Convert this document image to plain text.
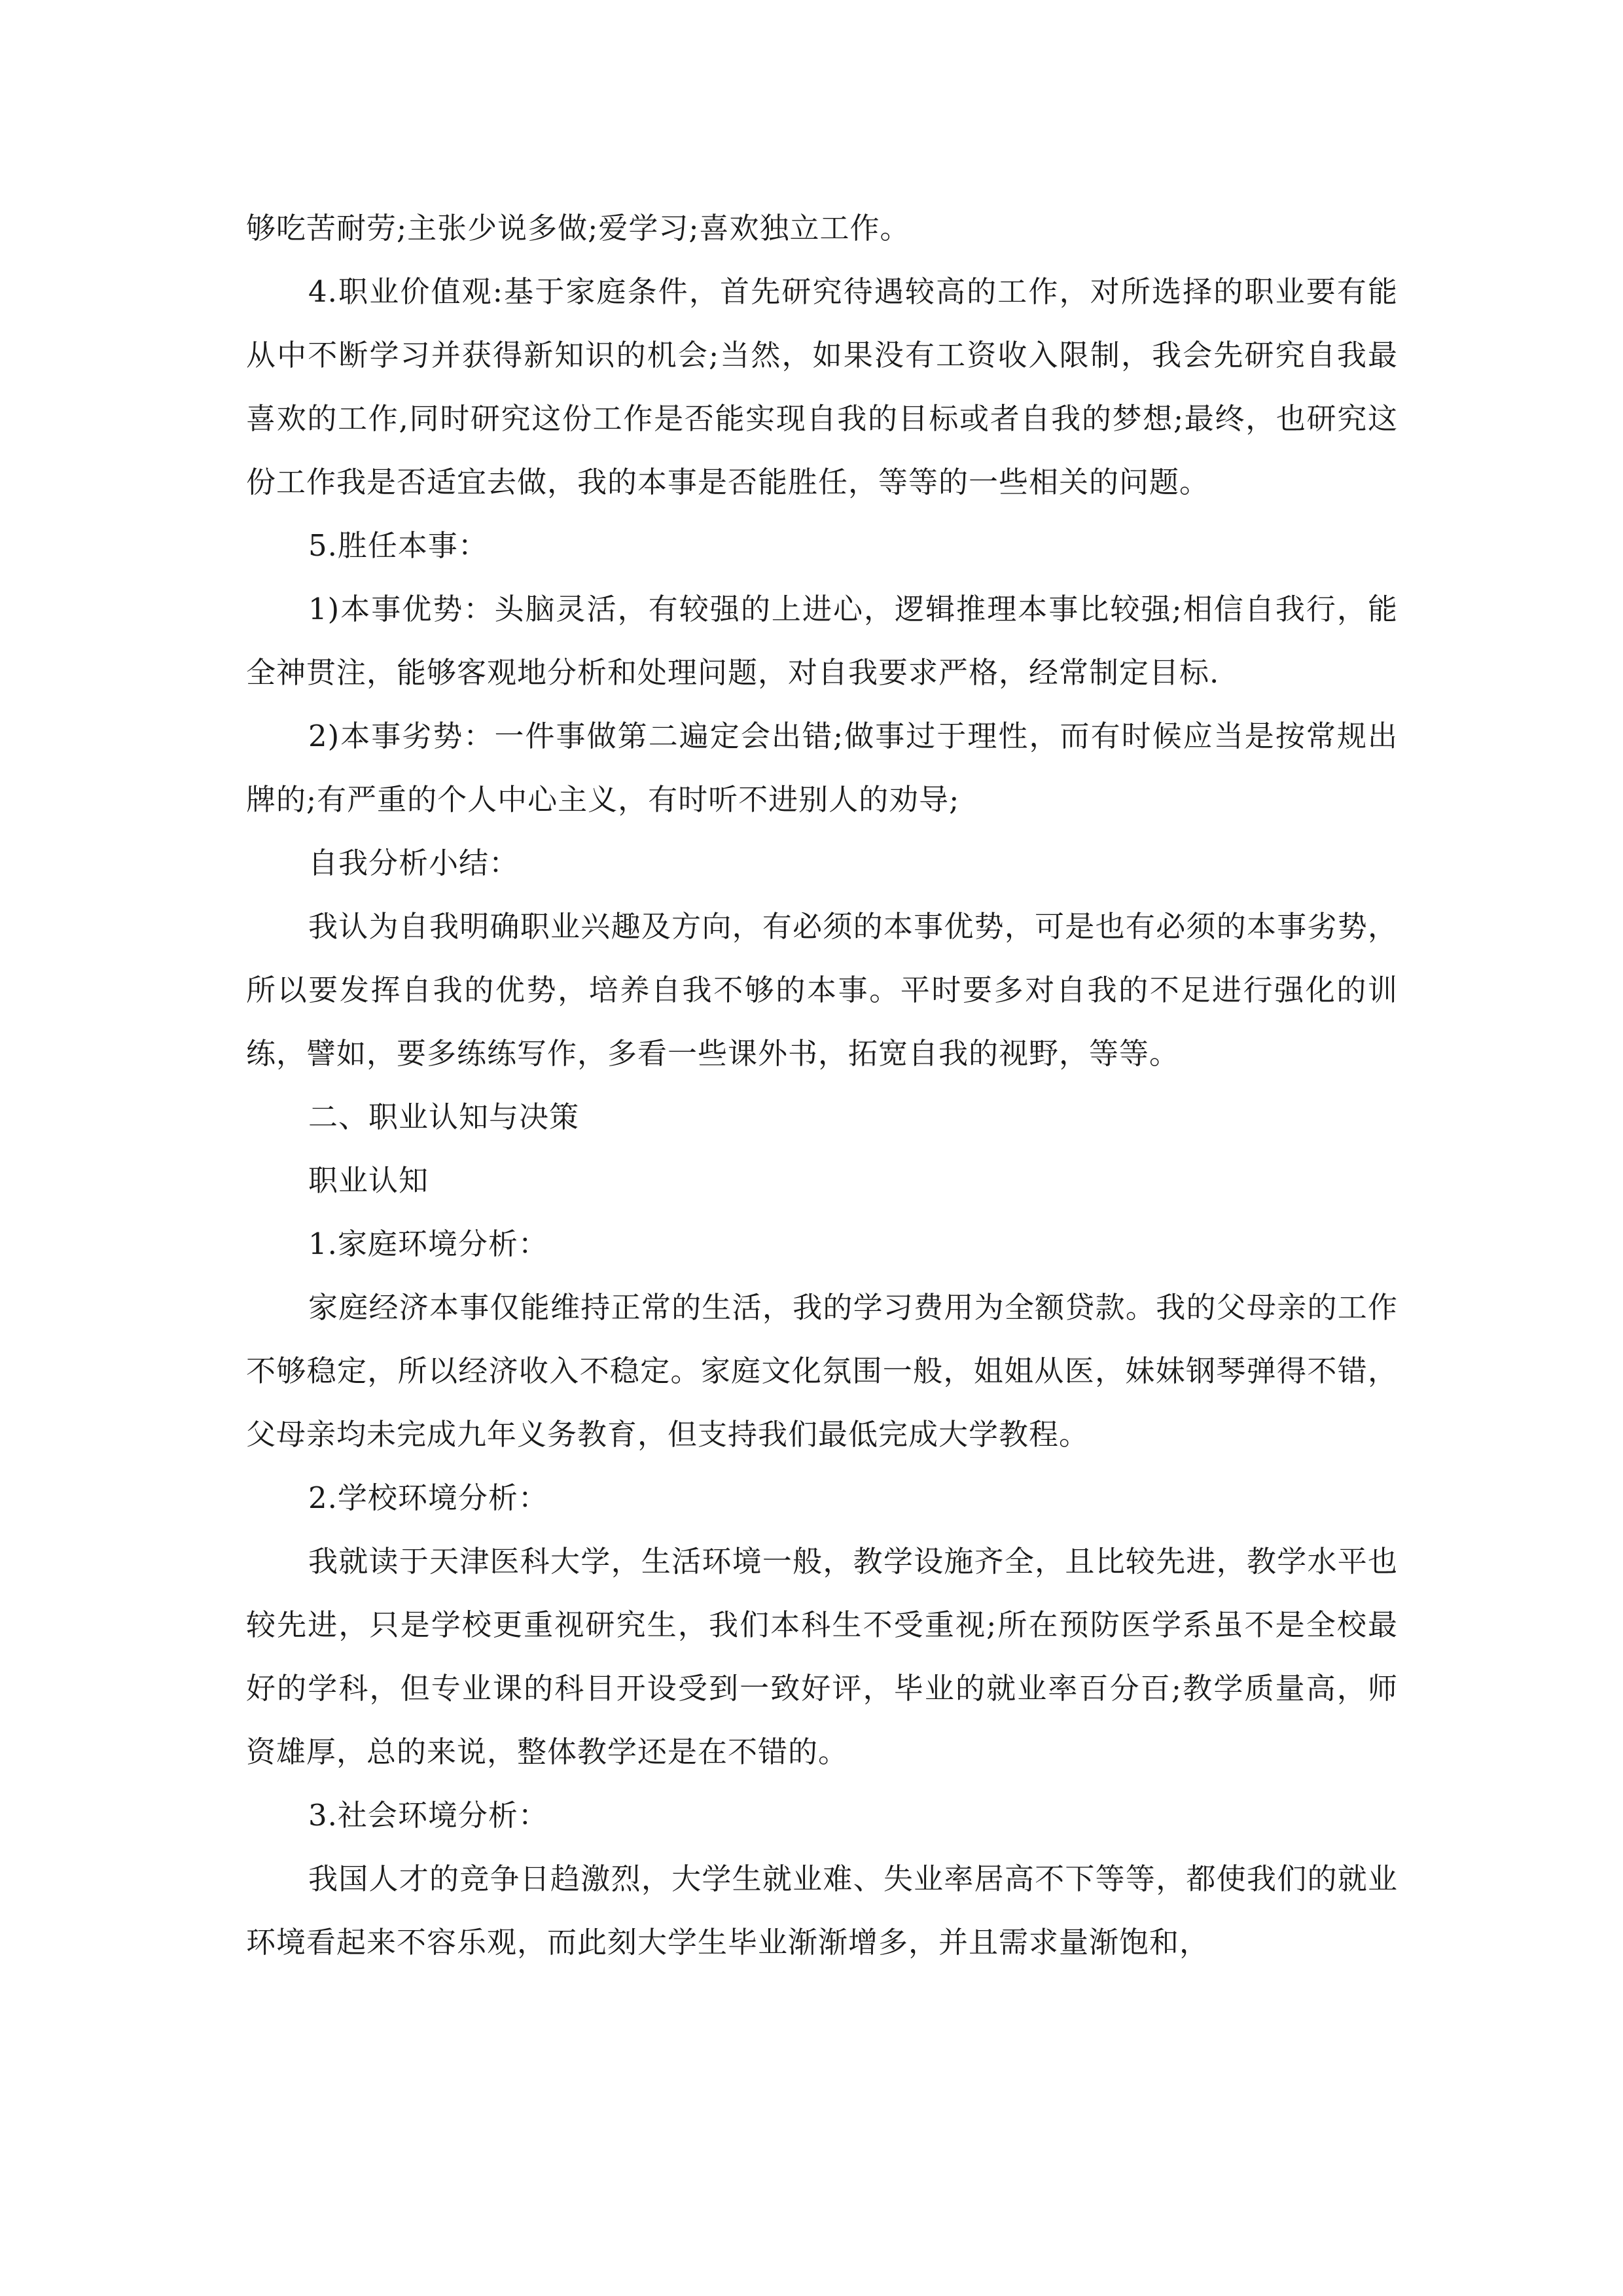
够吃苦耐劳;主张少说多做;爱学习;喜欢独立工作。

4.职业价值观:基于家庭条件，首先研究待遇较高的工作，对所选择的职业要有能从中不断学习并获得新知识的机会;当然，如果没有工资收入限制，我会先研究自我最喜欢的工作,同时研究这份工作是否能实现自我的目标或者自我的梦想;最终，也研究这份工作我是否适宜去做，我的本事是否能胜任，等等的一些相关的问题。

5.胜任本事：

1)本事优势：头脑灵活，有较强的上进心，逻辑推理本事比较强;相信自我行，能全神贯注，能够客观地分析和处理问题，对自我要求严格，经常制定目标.

2)本事劣势：一件事做第二遍定会出错;做事过于理性，而有时候应当是按常规出牌的;有严重的个人中心主义，有时听不进别人的劝导;

自我分析小结：

我认为自我明确职业兴趣及方向，有必须的本事优势，可是也有必须的本事劣势，所以要发挥自我的优势，培养自我不够的本事。平时要多对自我的不足进行强化的训练，譬如，要多练练写作，多看一些课外书，拓宽自我的视野，等等。

二、职业认知与决策

职业认知

1.家庭环境分析：

家庭经济本事仅能维持正常的生活，我的学习费用为全额贷款。我的父母亲的工作不够稳定，所以经济收入不稳定。家庭文化氛围一般，姐姐从医，妹妹钢琴弹得不错，父母亲均未完成九年义务教育，但支持我们最低完成大学教程。

2.学校环境分析：

我就读于天津医科大学，生活环境一般，教学设施齐全，且比较先进，教学水平也较先进，只是学校更重视研究生，我们本科生不受重视;所在预防医学系虽不是全校最好的学科，但专业课的科目开设受到一致好评，毕业的就业率百分百;教学质量高，师资雄厚，总的来说，整体教学还是在不错的。

3.社会环境分析：

我国人才的竞争日趋激烈，大学生就业难、失业率居高不下等等，都使我们的就业环境看起来不容乐观，而此刻大学生毕业渐渐增多，并且需求量渐饱和，
